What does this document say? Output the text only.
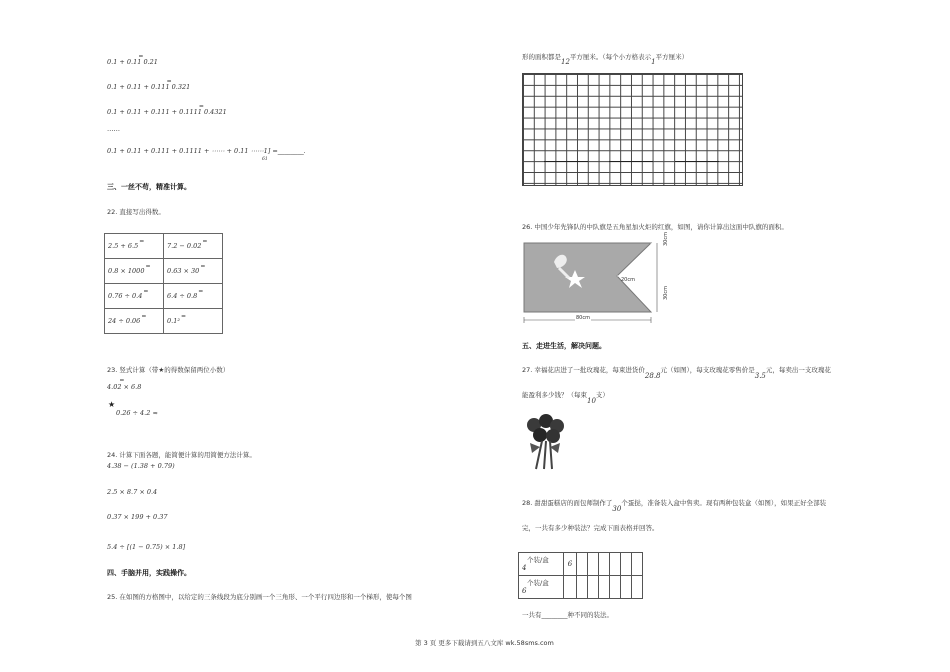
0.1 + 0.11
=
0.21
0.1 + 0.11 + 0.111
=
0.321
0.1 + 0.11 + 0.111 + 0.1111
=
0.4321
……
0.1 + 0.11 + 0.111 + 0.1111 + ⋯⋯ + 0.11 ⋯⋯1] =________.
61
三、一丝不苟，精准计算。
22. 直接写出得数。
2.5 + 6.5=	7.2 − 0.02=
0.8 × 1000=	0.63 × 30=
0.76 ÷ 0.4=	6.4 ÷ 0.8=
24 ÷ 0.06=	0.1²=
23. 竖式计算（带★的得数保留两位小数）
4.02 × 6.8
=
★
0.26 ÷ 4.2 ≈
24. 计算下面各题，能简便计算的用简便方法计算。
4.38 − (1.38 + 0.79)
2.5 × 8.7 × 0.4
0.37 × 199 + 0.37
5.4 ÷ [(1 − 0.75) × 1.8]
四、手脑并用，实践操作。
25. 在如图的方格图中，以给定的三条线段为底分别画一个三角形、一个平行四边形和一个梯形，使每个图
形的面积都是12平方厘米。（每个小方格表示1平方厘米）
26. 中国少年先锋队的中队旗是五角星加火炬的红旗，如图，请你计算出这面中队旗的面积。
30cm
30cm
20cm
80cm
五、走进生活，解决问题。
27. 幸福花店进了一批玫瑰花，每束进货价28.8元（如图），每支玫瑰花零售价是3.5元，每卖出一支玫瑰花
能盈利多少钱？（每束10支）
28. 甜甜蛋糕店的面包师制作了30个蛋挞，准备装入盒中售卖。现有两种包装盒（如图），如果正好全部装
完，一共有多少种装法？完成下面表格并回答。
个装/盒
4	6						

个装/盒
6							

一共有________种不同的装法。
第 3 页 更多下载请到五八文库 wk.58sms.com
